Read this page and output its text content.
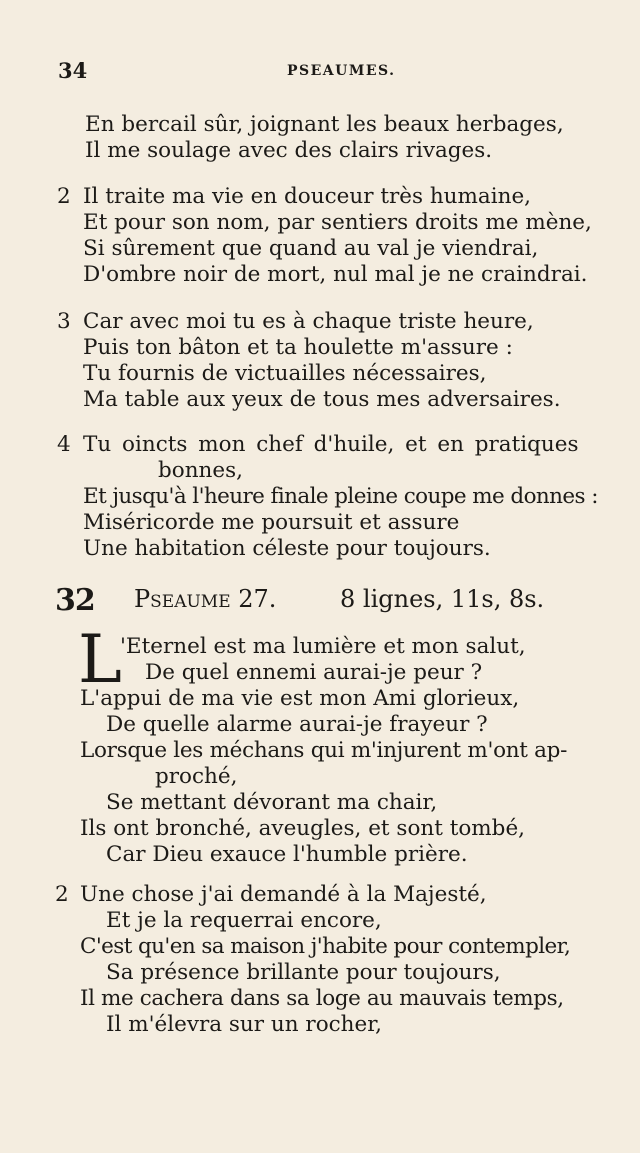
34	PSEAUMES.
En bercail sûr, joignant les beaux herbages,
Il me soulage avec des clairs rivages.
2 Il traite ma vie en douceur très humaine,
Et pour son nom, par sentiers droits me mène,
Si sûrement que quand au val je viendrai,
D'ombre noir de mort, nul mal je ne craindrai.
3 Car avec moi tu es à chaque triste heure,
Puis ton bâton et ta houlette m'assure :
Tu fournis de victuailles nécessaires,
Ma table aux yeux de tous mes adversaires.
4 Tu oincts mon chef d'huile, et en pratiques
bonnes,
Et jusqu'à l'heure finale pleine coupe me donnes :
Miséricorde me poursuit et assure
Une habitation céleste pour toujours.
32 Pseaume 27.	8 lignes, 11s, 8s.
L
'Eternel est ma lumière et mon salut,
De quel ennemi aurai-je peur ?
L'appui de ma vie est mon Ami glorieux,
De quelle alarme aurai-je frayeur ?
Lorsque les méchans qui m'injurent m'ont ap-
proché,
Se mettant dévorant ma chair,
Ils ont bronché, aveugles, et sont tombé,
Car Dieu exauce l'humble prière.
2 Une chose j'ai demandé à la Majesté,
Et je la requerrai encore,
C'est qu'en sa maison j'habite pour contempler,
Sa présence brillante pour toujours,
Il me cachera dans sa loge au mauvais temps,
Il m'élevra sur un rocher,
